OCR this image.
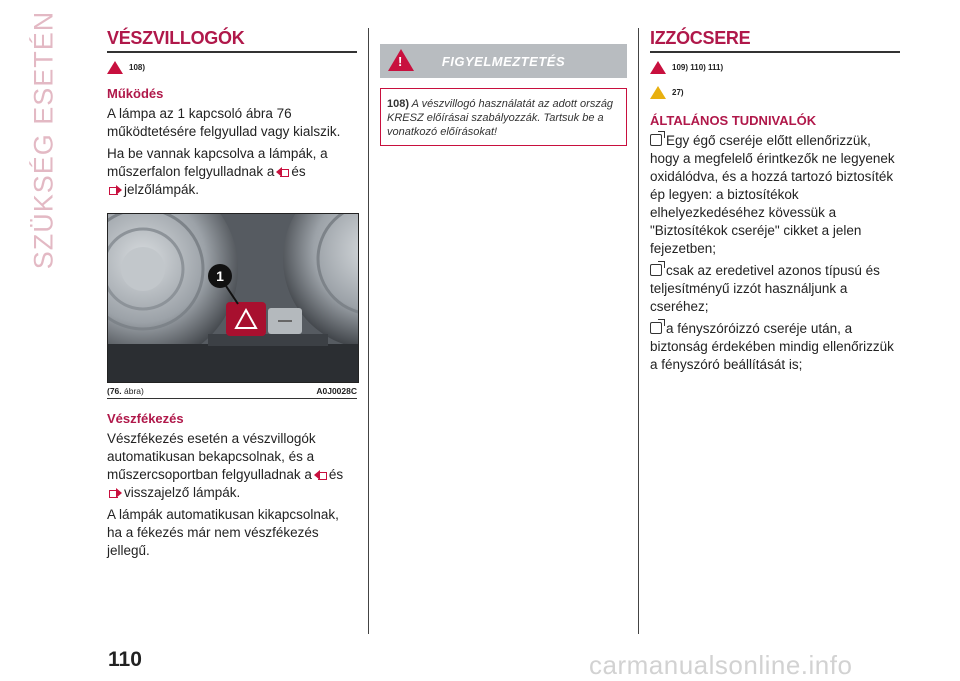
SZÜKSÉG ESETÉN	VÉSZVILLOGÓK
108)
Működés

A lámpa az 1 kapcsoló ábra 76 működtetésére felgyullad vagy kialszik.

Ha be vannak kapcsolva a lámpák, a műszerfalon felgyulladnak a és
jelzőlámpák.

1
(76. ábra)	A0J0028C
Vészfékezés

Vészfékezés esetén a vészvillogók automatikusan bekapcsolnak, és a műszercsoportban felgyulladnak a és
visszajelző lámpák.

A lámpák automatikusan kikapcsolnak, ha a fékezés már nem vészfékezés jellegű.

!	FIGYELMEZTETÉS
108) A vészvillogó használatát az adott ország KRESZ előírásai szabályozzák. Tartsuk be a vonatkozó előírásokat!
IZZÓCSERE
109) 110) 111)
27)
ÁLTALÁNOS TUDNIVALÓK

Egy égő cseréje előtt ellenőrizzük, hogy a megfelelő érintkezők ne legyenek oxidálódva, és a hozzá tartozó biztosíték ép legyen: a biztosítékok elhelyezkedéséhez kövessük a "Biztosítékok cseréje" cikket a jelen fejezetben;

csak az eredetivel azonos típusú és teljesítményű izzót használjunk a cseréhez;

a fényszóróizzó cseréje után, a biztonság érdekében mindig ellenőrizzük a fényszóró beállítását is;

110	carmanualsonline.info
